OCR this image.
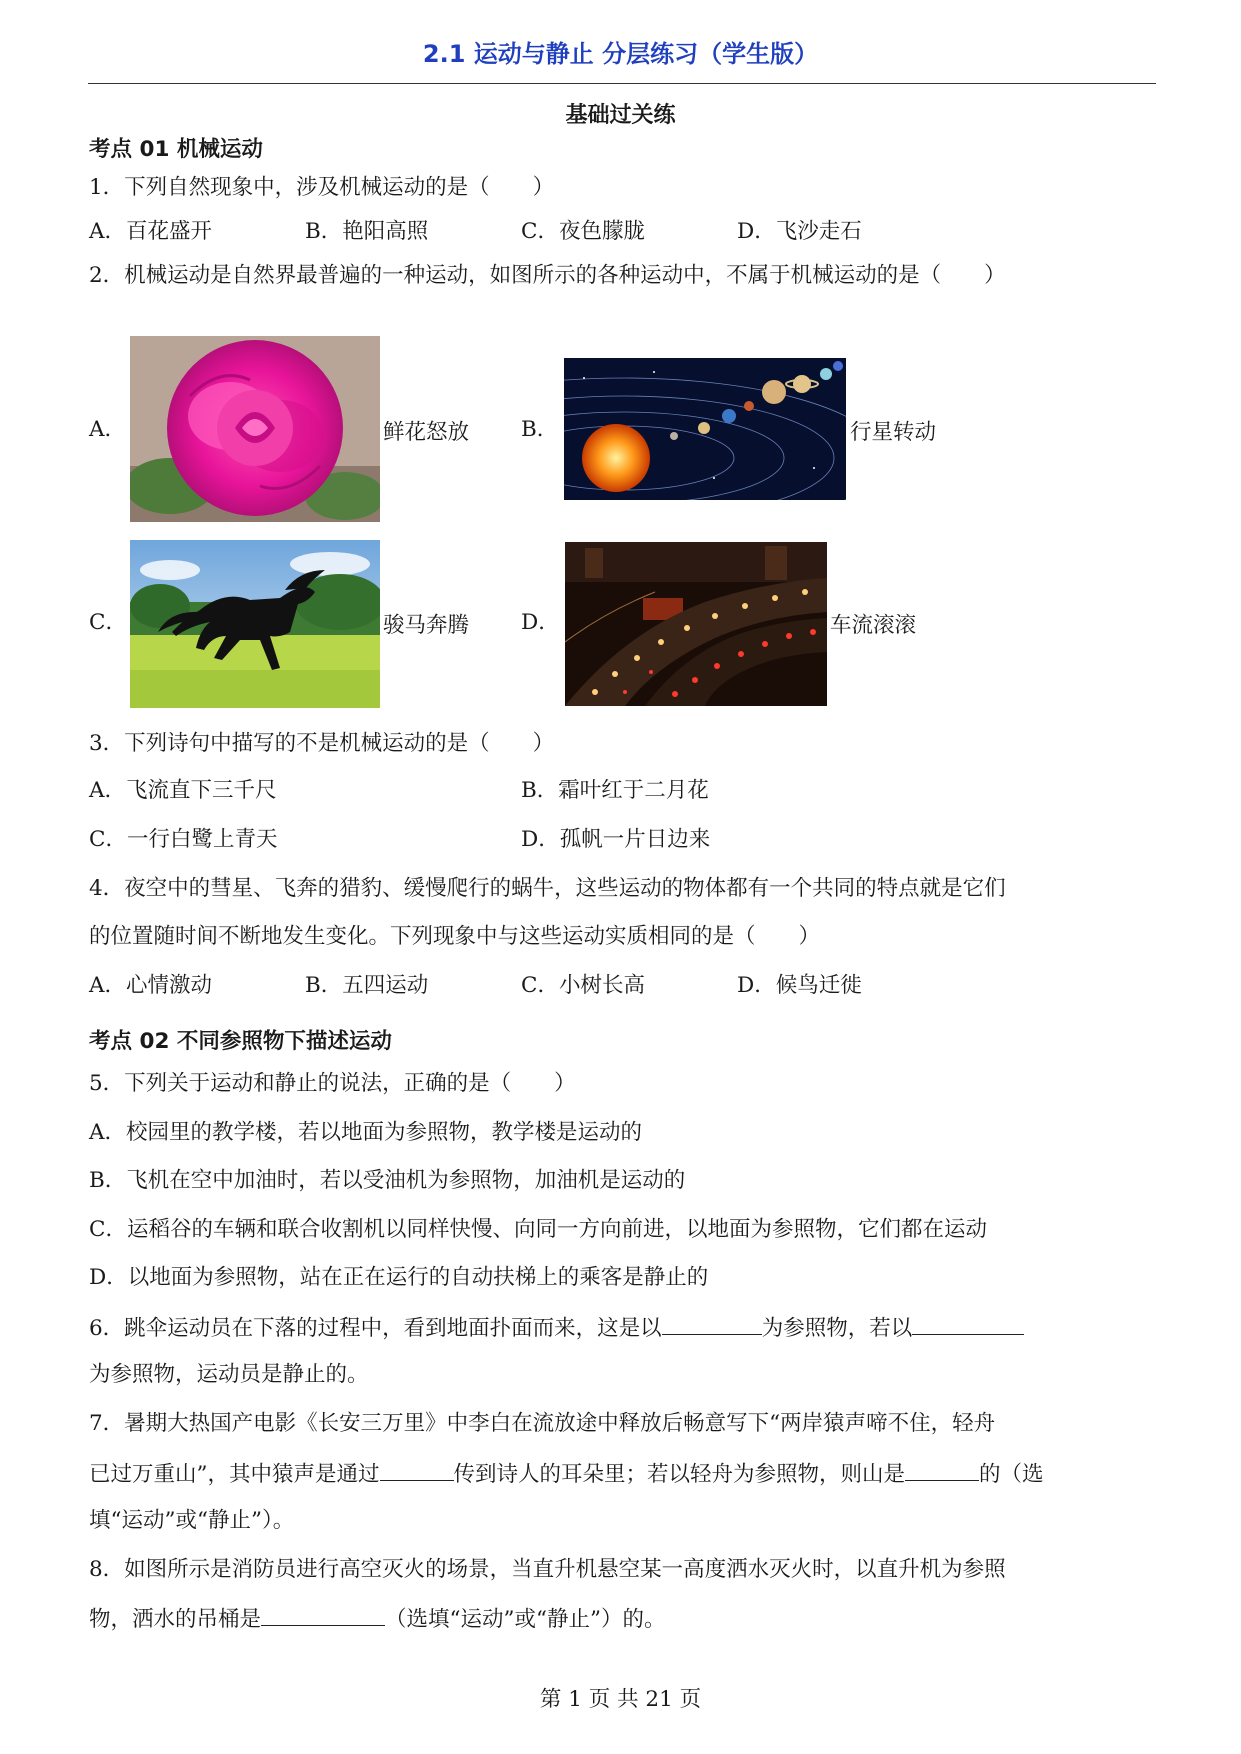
2.1 运动与静止 分层练习（学生版）
基础过关练
考点 01 机械运动
1．下列自然现象中，涉及机械运动的是（　　）
A．百花盛开	B．艳阳高照	C．夜色朦胧	D．飞沙走石
2．机械运动是自然界最普遍的一种运动，如图所示的各种运动中，不属于机械运动的是（　　）
A．	鲜花怒放 B．	行星转动
C．	骏马奔腾 D．	车流滚滚
3．下列诗句中描写的不是机械运动的是（　　）
A．飞流直下三千尺	B．霜叶红于二月花
C．一行白鹭上青天	D．孤帆一片日边来
4．夜空中的彗星、飞奔的猎豹、缓慢爬行的蜗牛，这些运动的物体都有一个共同的特点就是它们
的位置随时间不断地发生变化。下列现象中与这些运动实质相同的是（　　）
A．心情激动	B．五四运动	C．小树长高	D．候鸟迁徙
考点 02 不同参照物下描述运动
5．下列关于运动和静止的说法，正确的是（　　）
A．校园里的教学楼，若以地面为参照物，教学楼是运动的
B．飞机在空中加油时，若以受油机为参照物，加油机是运动的
C．运稻谷的车辆和联合收割机以同样快慢、向同一方向前进，以地面为参照物，它们都在运动
D．以地面为参照物，站在正在运行的自动扶梯上的乘客是静止的
6．跳伞运动员在下落的过程中，看到地面扑面而来，这是以	为参照物，若以
为参照物，运动员是静止的。
7．暑期大热国产电影《长安三万里》中李白在流放途中释放后畅意写下“两岸猿声啼不住，轻舟
已过万重山”，其中猿声是通过	传到诗人的耳朵里；若以轻舟为参照物，则山是	的（选
填“运动”或“静止”）。
8．如图所示是消防员进行高空灭火的场景，当直升机悬空某一高度洒水灭火时，以直升机为参照
物，洒水的吊桶是	（选填“运动”或“静止”）的。
第 1 页 共 21 页
